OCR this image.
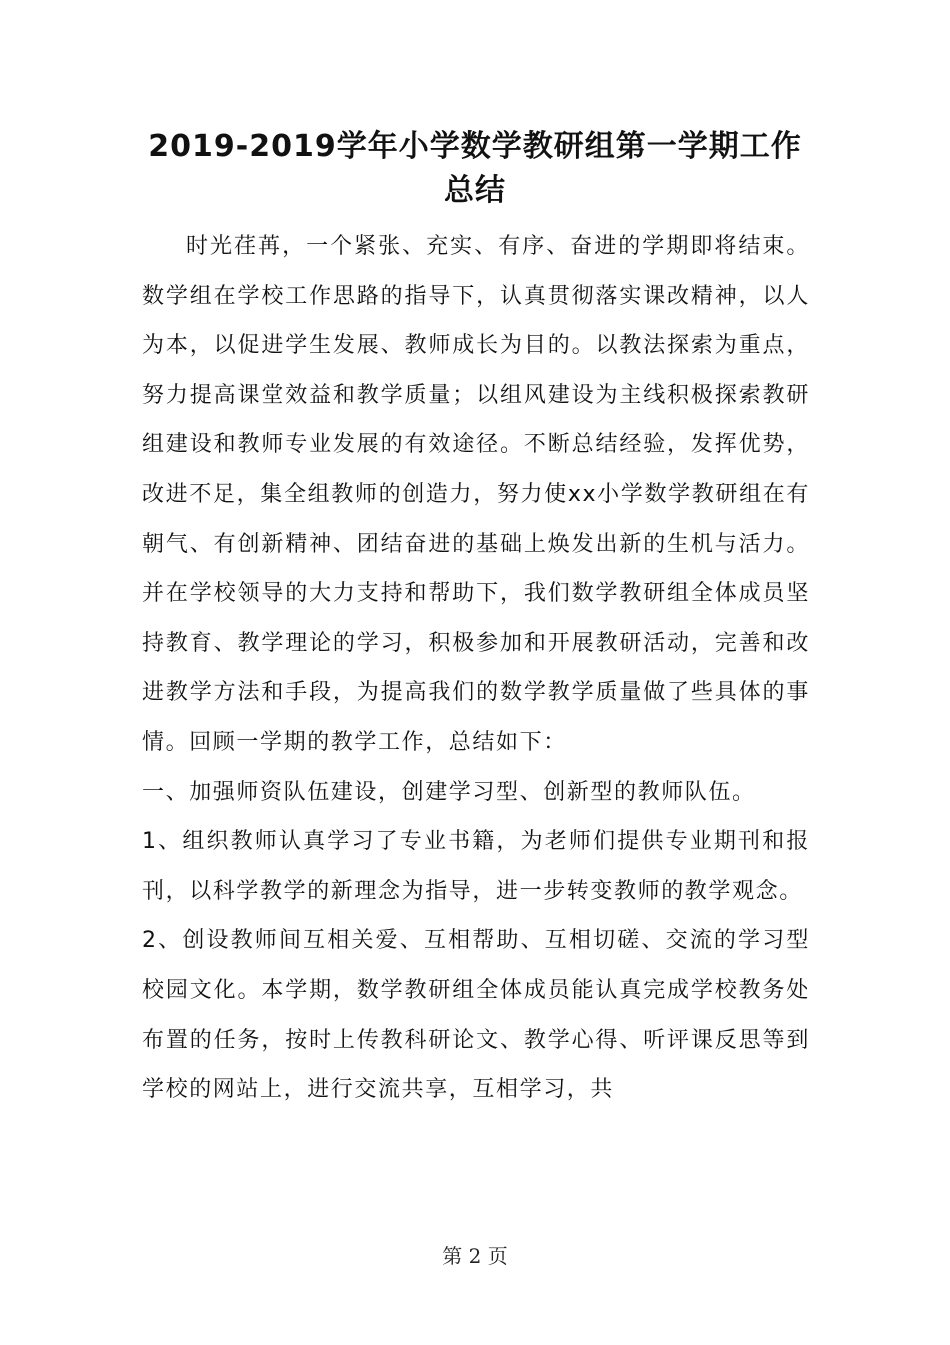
2019-2019学年小学数学教研组第一学期工作总结

时光荏苒，一个紧张、充实、有序、奋进的学期即将结束。数学组在学校工作思路的指导下，认真贯彻落实课改精神，以人为本，以促进学生发展、教师成长为目的。以教法探索为重点，努力提高课堂效益和教学质量；以组风建设为主线积极探索教研组建设和教师专业发展的有效途径。不断总结经验，发挥优势，改进不足，集全组教师的创造力，努力使xx小学数学教研组在有朝气、有创新精神、团结奋进的基础上焕发出新的生机与活力。并在学校领导的大力支持和帮助下，我们数学教研组全体成员坚持教育、教学理论的学习，积极参加和开展教研活动，完善和改进教学方法和手段，为提高我们的数学教学质量做了些具体的事情。回顾一学期的教学工作，总结如下：

一、加强师资队伍建设，创建学习型、创新型的教师队伍。

1、组织教师认真学习了专业书籍，为老师们提供专业期刊和报刊，以科学教学的新理念为指导，进一步转变教师的教学观念。

2、创设教师间互相关爱、互相帮助、互相切磋、交流的学习型校园文化。本学期，数学教研组全体成员能认真完成学校教务处布置的任务，按时上传教科研论文、教学心得、听评课反思等到学校的网站上，进行交流共享，互相学习，共

第 2 页
